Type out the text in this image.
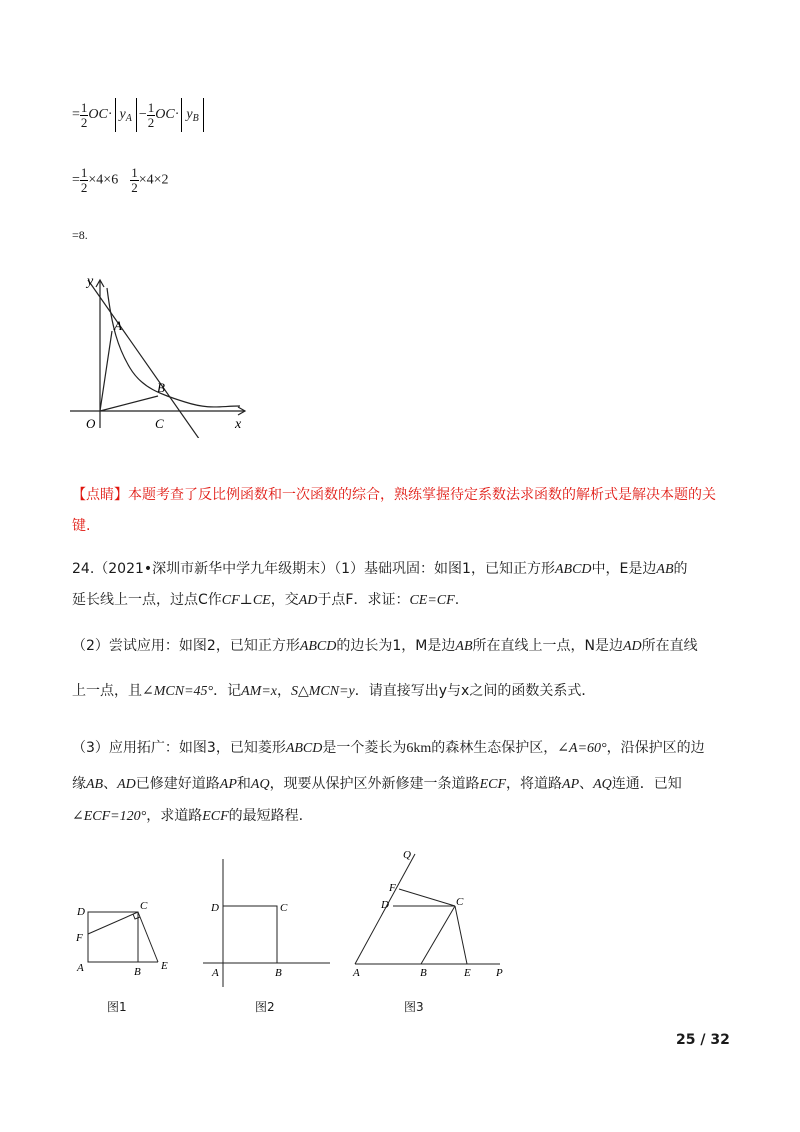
= $\frac{1}{2} OC\cdot y_A - \frac{1}{2} OC\cdot y_B$
= $\frac{1}{2} \times 4\times 6 \frac{1}{2} \times 4\times 2$
=8.
y
A
B
O	C	x
【点睛】本题考查了反比例函数和一次函数的综合，熟练掌握待定系数法求函数的解析式是解决本题的关
键.
24.（2021•深圳市新华中学九年级期末）（1）基础巩固：如图1，已知正方形ABCD中，E是边AB的
延长线上一点，过点C作CF⊥CE，交AD于点F．求证：CE=CF.
（2）尝试应用：如图2，已知正方形ABCD的边长为1，M是边AB所在直线上一点，N是边AD所在直线
上一点，且∠MCN=45°．记AM=x，S△MCN=y．请直接写出y与x之间的函数关系式．
（3）应用拓广：如图3，已知菱形ABCD是一个菱长为6km的森林生态保护区，∠A=60°，沿保护区的边
缘AB、AD已修建好道路AP和AQ，现要从保护区外新修建一条道路ECF，将道路AP、AQ连通．已知
∠ECF=120°，求道路ECF的最短路程.
D	C
F
A	B E
图1
D	C
A	B
图2
Q
F
D	C
A	B	E P
图3
25 / 32
